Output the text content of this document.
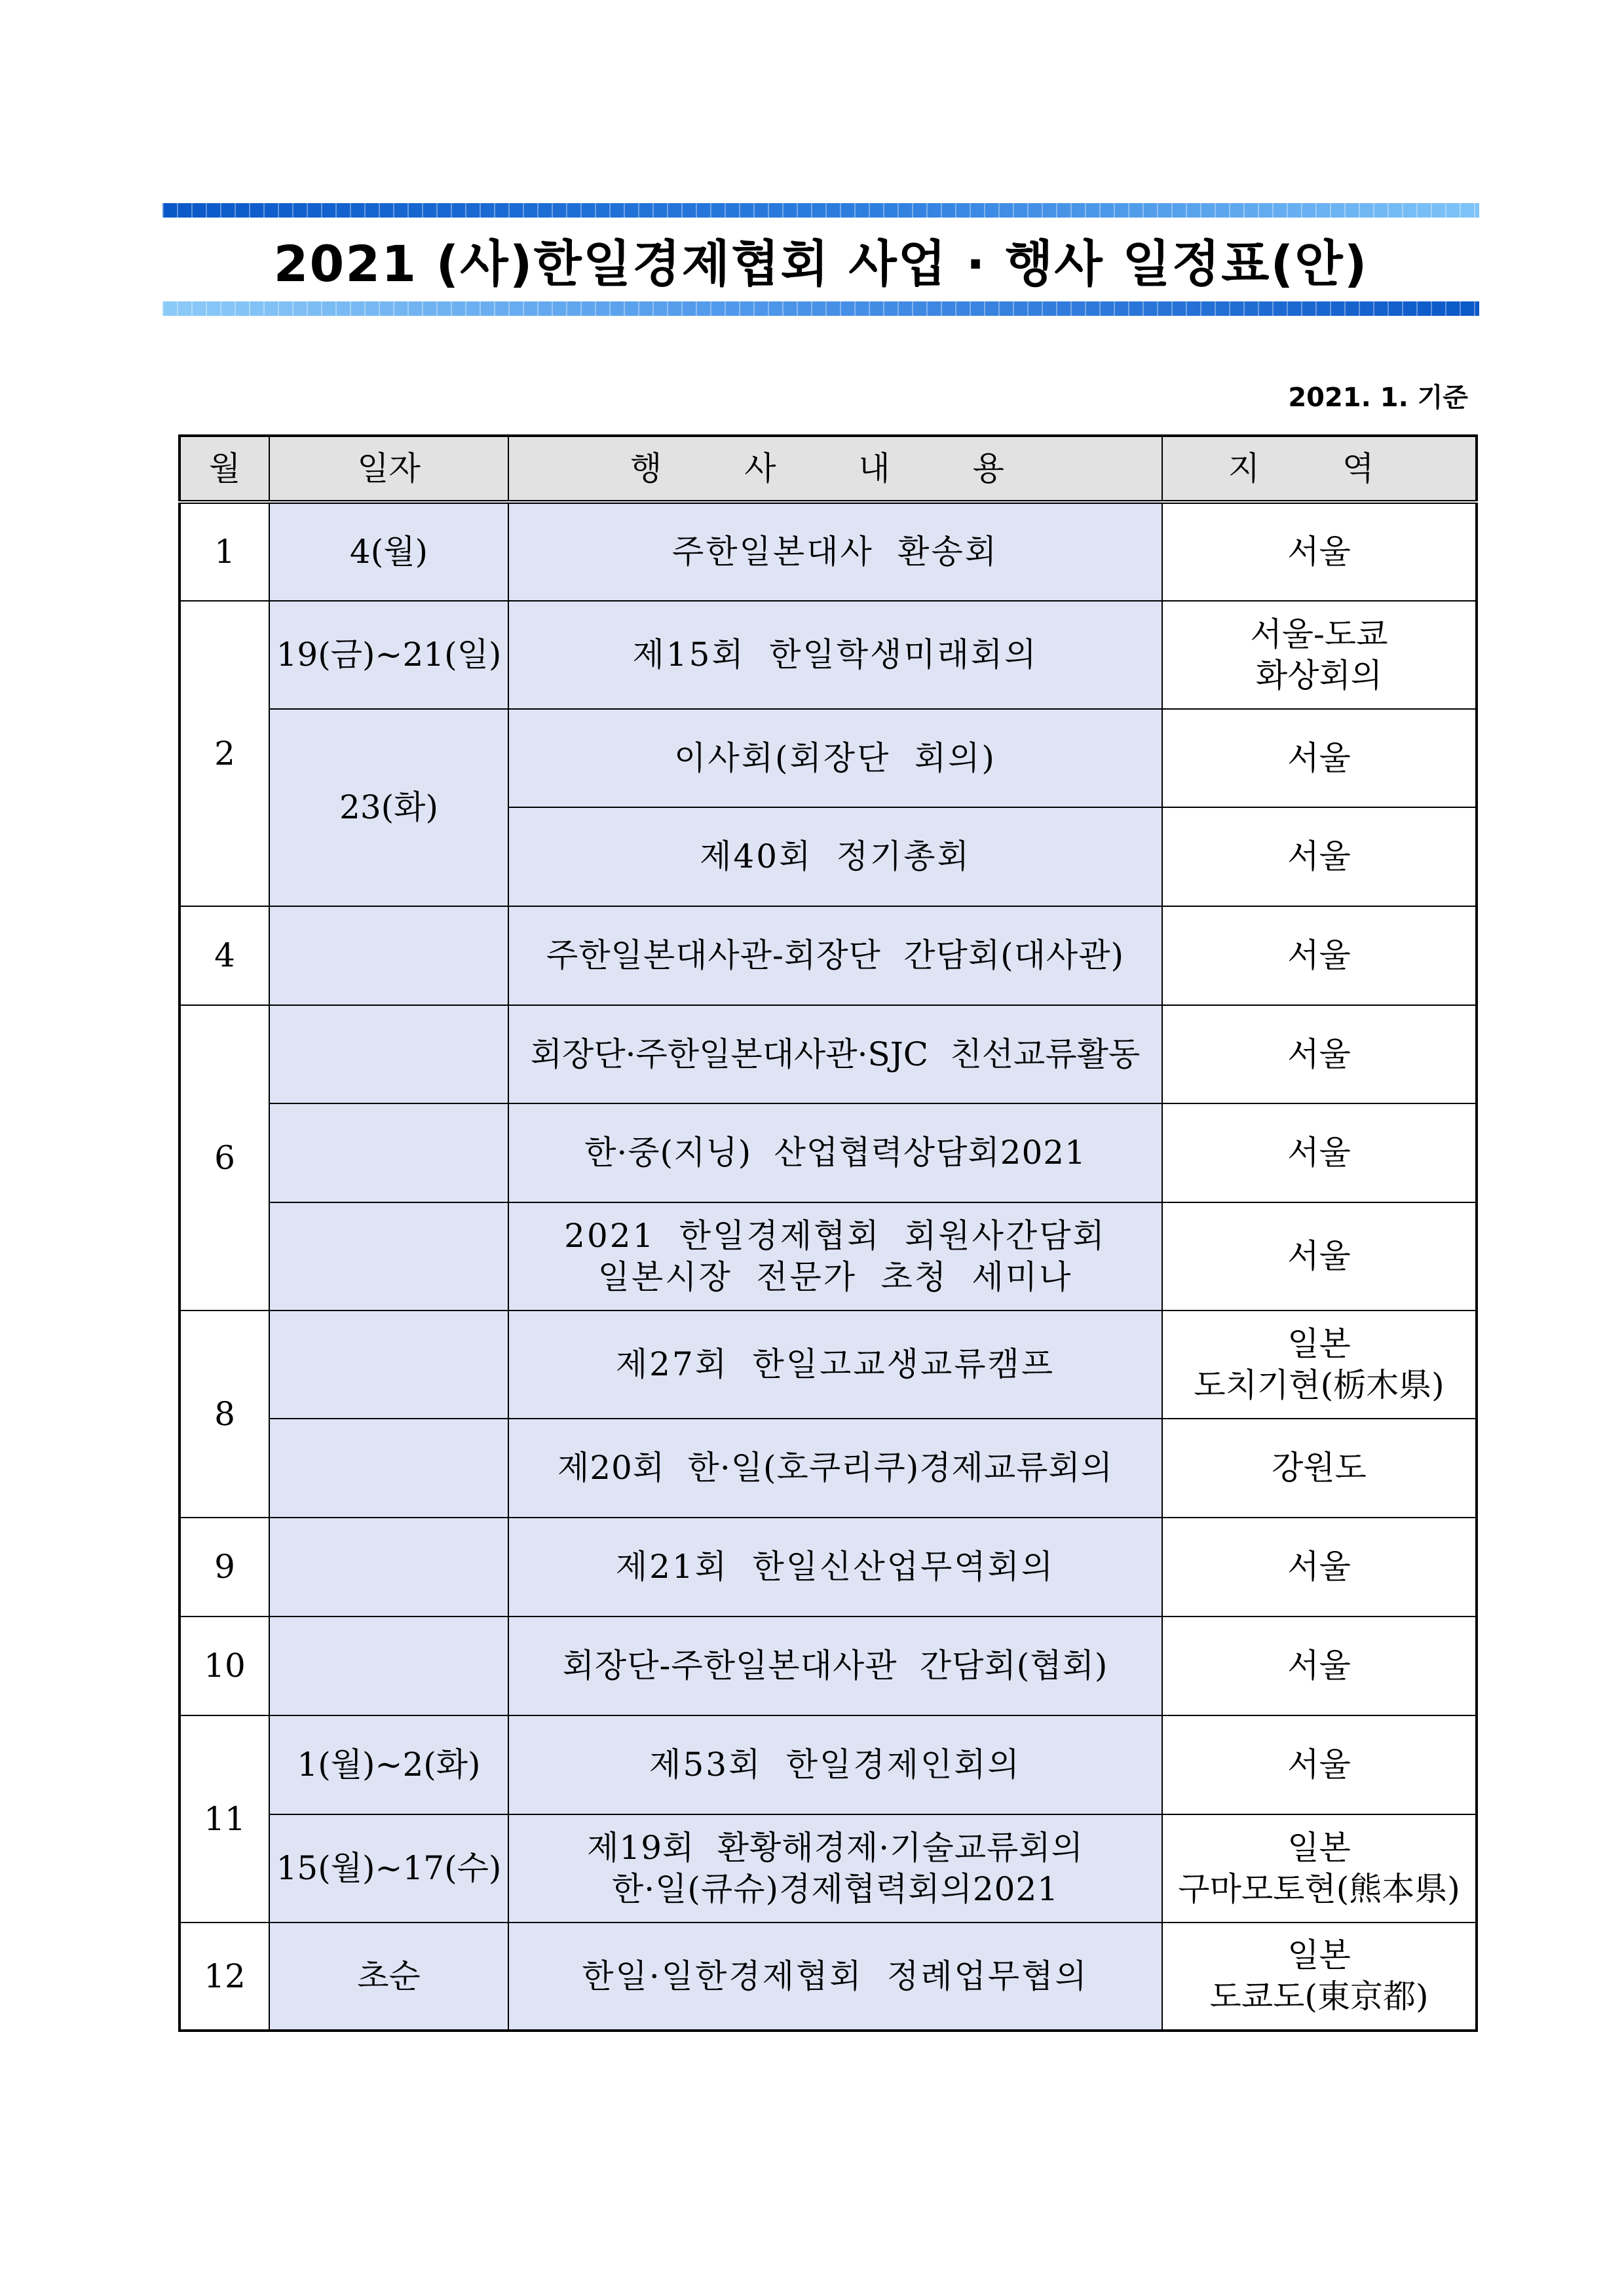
2021 (사)한일경제협회 사업 · 행사 일정표(안)
2021. 1. 기준
월	일자	행 사 내 용	지 역
1	4(월)	주한일본대사 환송회	서울
2	19(금)~21(일)	제15회 한일학생미래회의	서울-도쿄
화상회의
	23(화)	이사회(회장단 회의)	서울
		제40회 정기총회	서울
4		주한일본대사관-회장단 간담회(대사관)	서울
6		회장단·주한일본대사관·SJC 친선교류활동	서울
		한·중(지닝) 산업협력상담회2021	서울
		2021 한일경제협회 회원사간담회
일본시장 전문가 초청 세미나	서울
8		제27회 한일고교생교류캠프	일본
도치기현(栃木県)
		제20회 한·일(호쿠리쿠)경제교류회의	강원도
9		제21회 한일신산업무역회의	서울
10		회장단-주한일본대사관 간담회(협회)	서울
11	1(월)~2(화)	제53회 한일경제인회의	서울
	15(월)~17(수)	제19회 환황해경제·기술교류회의
한·일(큐슈)경제협력회의2021	일본
구마모토현(熊本県)
12	초순	한일·일한경제협회 정례업무협의	일본
도쿄도(東京都)
